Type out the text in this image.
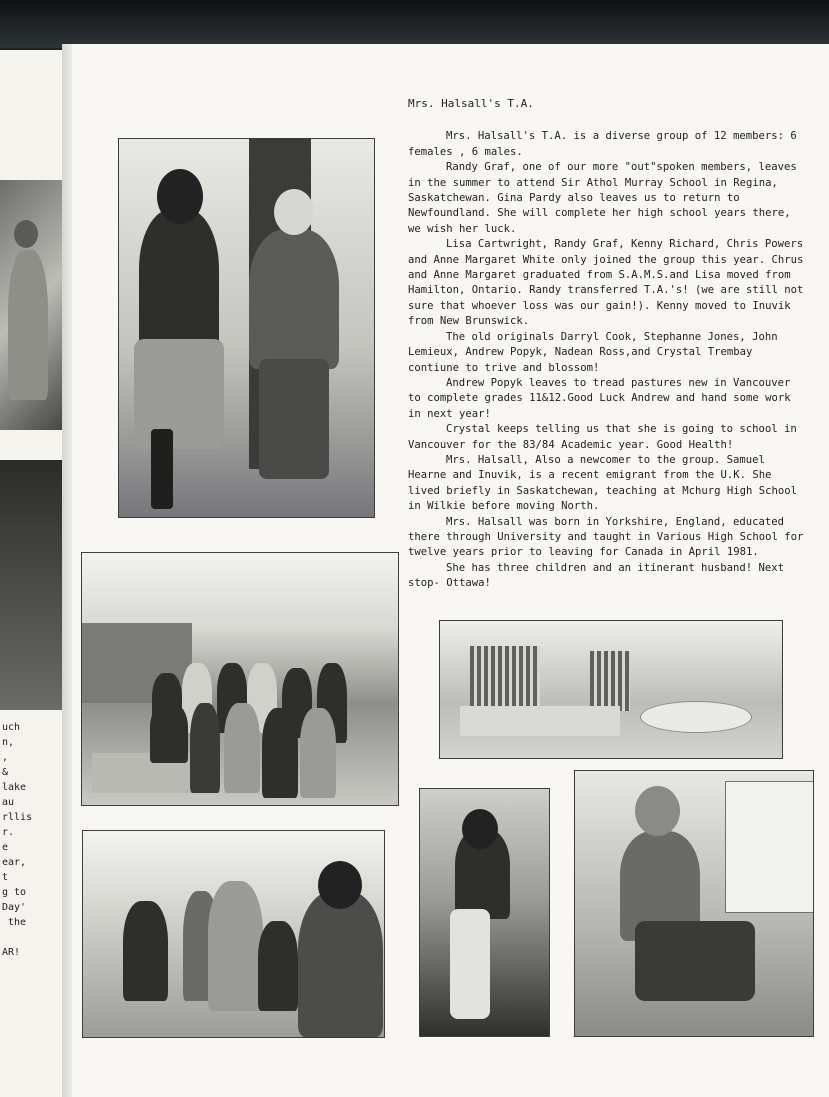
uch
n,
,
&
lake
au
rllis
r.
e
ear,
t
g to
Day'
the

AR!
Mrs. Halsall's T.A.

Mrs. Halsall's T.A. is a diverse group of 12 members: 6 females , 6 males.

Randy Graf, one of our more "out"spoken members, leaves in the summer to attend Sir Athol Murray School in Regina, Saskatchewan. Gina Pardy also leaves us to return to Newfoundland. She will complete her high school years there, we wish her luck.

Lisa Cartwright, Randy Graf, Kenny Richard, Chris Powers and Anne Margaret White only joined the group this year. Chrus and Anne Margaret graduated from S.A.M.S.and Lisa moved from Hamilton, Ontario. Randy transferred T.A.'s! (we are still not sure that whoever loss was our gain!). Kenny moved to Inuvik from New Brunswick.

The old originals Darryl Cook, Stephanne Jones, John Lemieux, Andrew Popyk, Nadean Ross,and Crystal Trembay contiune to trive and blossom!

Andrew Popyk leaves to tread pastures new in Vancouver to complete grades 11&12.Good Luck Andrew and hand some work in next year!

Crystal keeps telling us that she is going to school in Vancouver for the 83/84 Academic year. Good Health!

Mrs. Halsall, Also a newcomer to the group. Samuel Hearne and Inuvik, is a recent emigrant from the U.K. She lived briefly in Saskatchewan, teaching at Mchurg High School in Wilkie before moving North.

Mrs. Halsall was born in Yorkshire, England, educated there through University and taught in Various High School for twelve years prior to leaving for Canada in April 1981.

She has three children and an itinerant husband! Next stop- Ottawa!
